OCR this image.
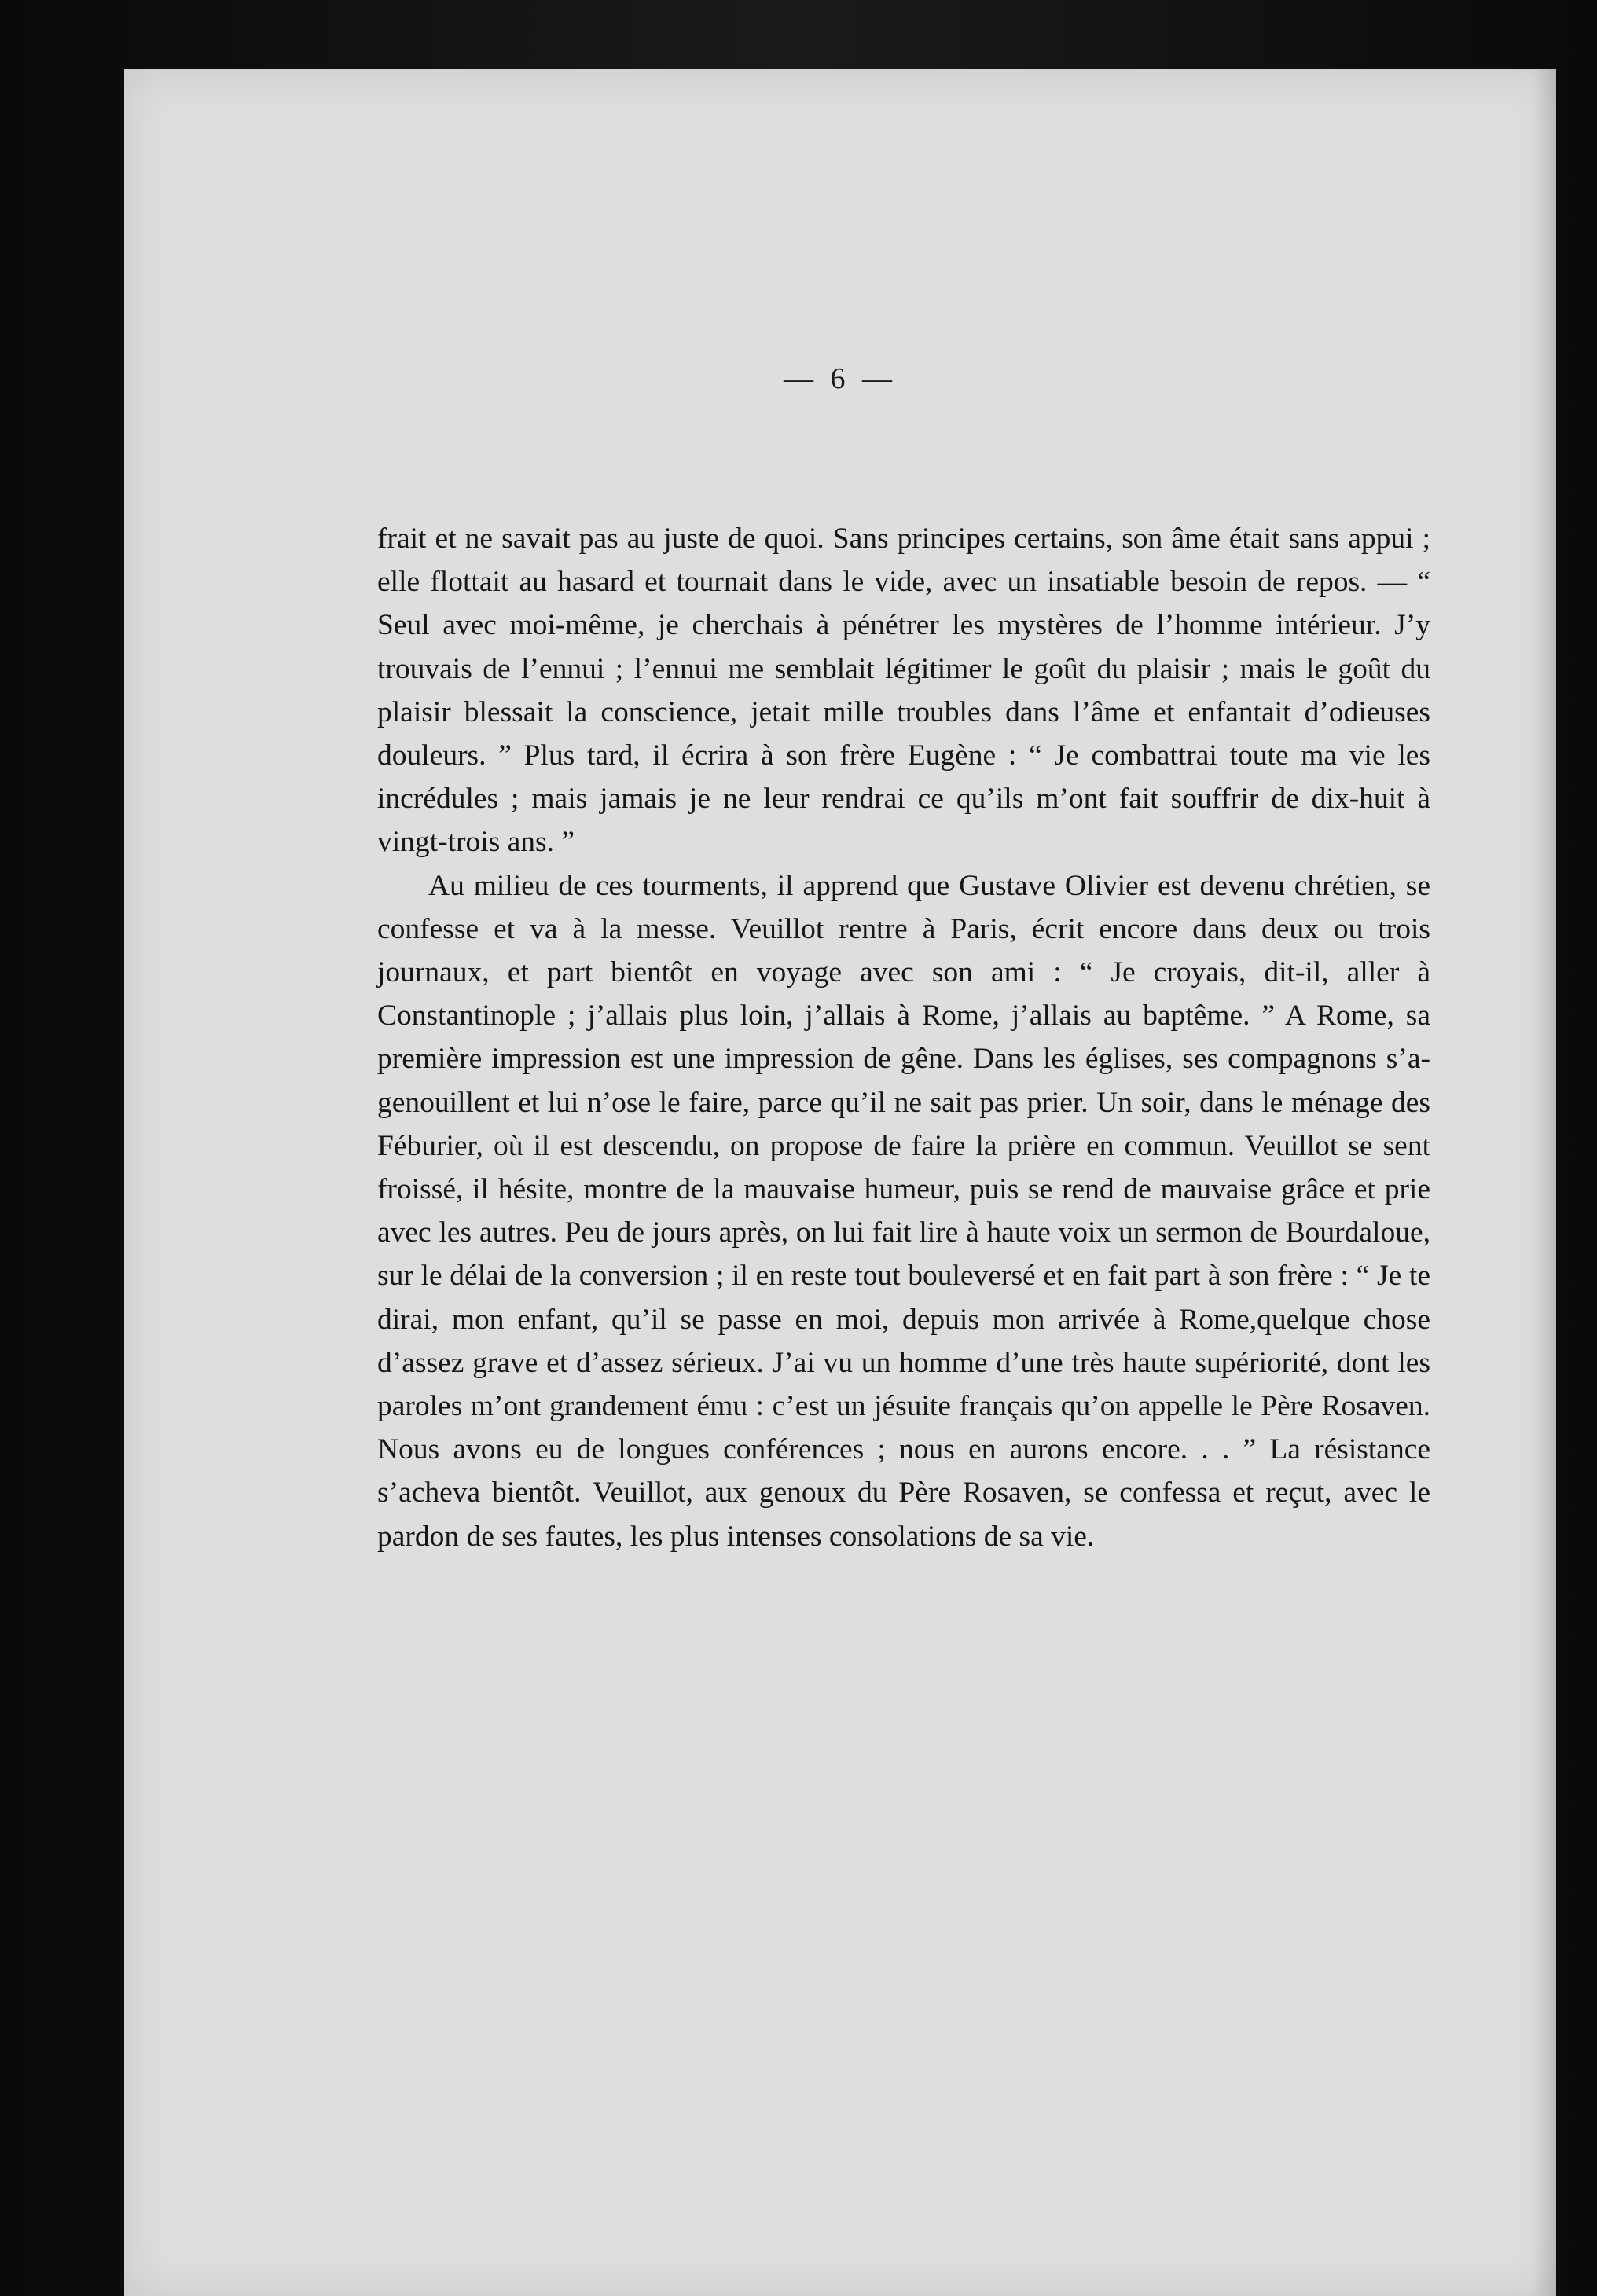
— 6 —

frait et ne savait pas au juste de quoi. Sans principes certains, son âme était sans appui ; elle flottait au hasard et tournait dans le vide, avec un insatiable besoin de repos. — “ Seul avec moi-même, je cherchais à pénétrer les mystères de l’homme intérieur. J’y trouvais de l’ennui ; l’ennui me semblait légitimer le goût du plaisir ; mais le goût du plaisir blessait la conscience, jetait mille troubles dans l’âme et enfantait d’odieuses douleurs. ” Plus tard, il écrira à son frère Eugène : “ Je combattrai toute ma vie les incrédules ; mais jamais je ne leur rendrai ce qu’ils m’ont fait souffrir de dix-huit à vingt-trois ans. ”

Au milieu de ces tourments, il apprend que Gustave Olivier est devenu chrétien, se confesse et va à la messe. Veuillot rentre à Paris, écrit encore dans deux ou trois journaux, et part bientôt en voyage avec son ami : “ Je croyais, dit-il, aller à Constantinople ; j’allais plus loin, j’allais à Rome, j’allais au baptême. ” A Rome, sa première impression est une impression de gêne. Dans les églises, ses compagnons s’agenouillent et lui n’ose le faire, parce qu’il ne sait pas prier. Un soir, dans le ménage des Féburier, où il est descendu, on propose de faire la prière en commun. Veuillot se sent froissé, il hésite, montre de la mauvaise humeur, puis se rend de mauvaise grâce et prie avec les autres. Peu de jours après, on lui fait lire à haute voix un sermon de Bourdaloue, sur le délai de la conversion ; il en reste tout bouleversé et en fait part à son frère : “ Je te dirai, mon enfant, qu’il se passe en moi, depuis mon arrivée à Rome,quelque chose d’assez grave et d’assez sérieux. J’ai vu un homme d’une très haute supériorité, dont les paroles m’ont grandement ému : c’est un jésuite français qu’on appelle le Père Rosaven. Nous avons eu de longues conférences ; nous en aurons encore. . . ” La résistance s’acheva bientôt. Veuillot, aux genoux du Père Rosaven, se confessa et reçut, avec le pardon de ses fautes, les plus intenses consolations de sa vie.
